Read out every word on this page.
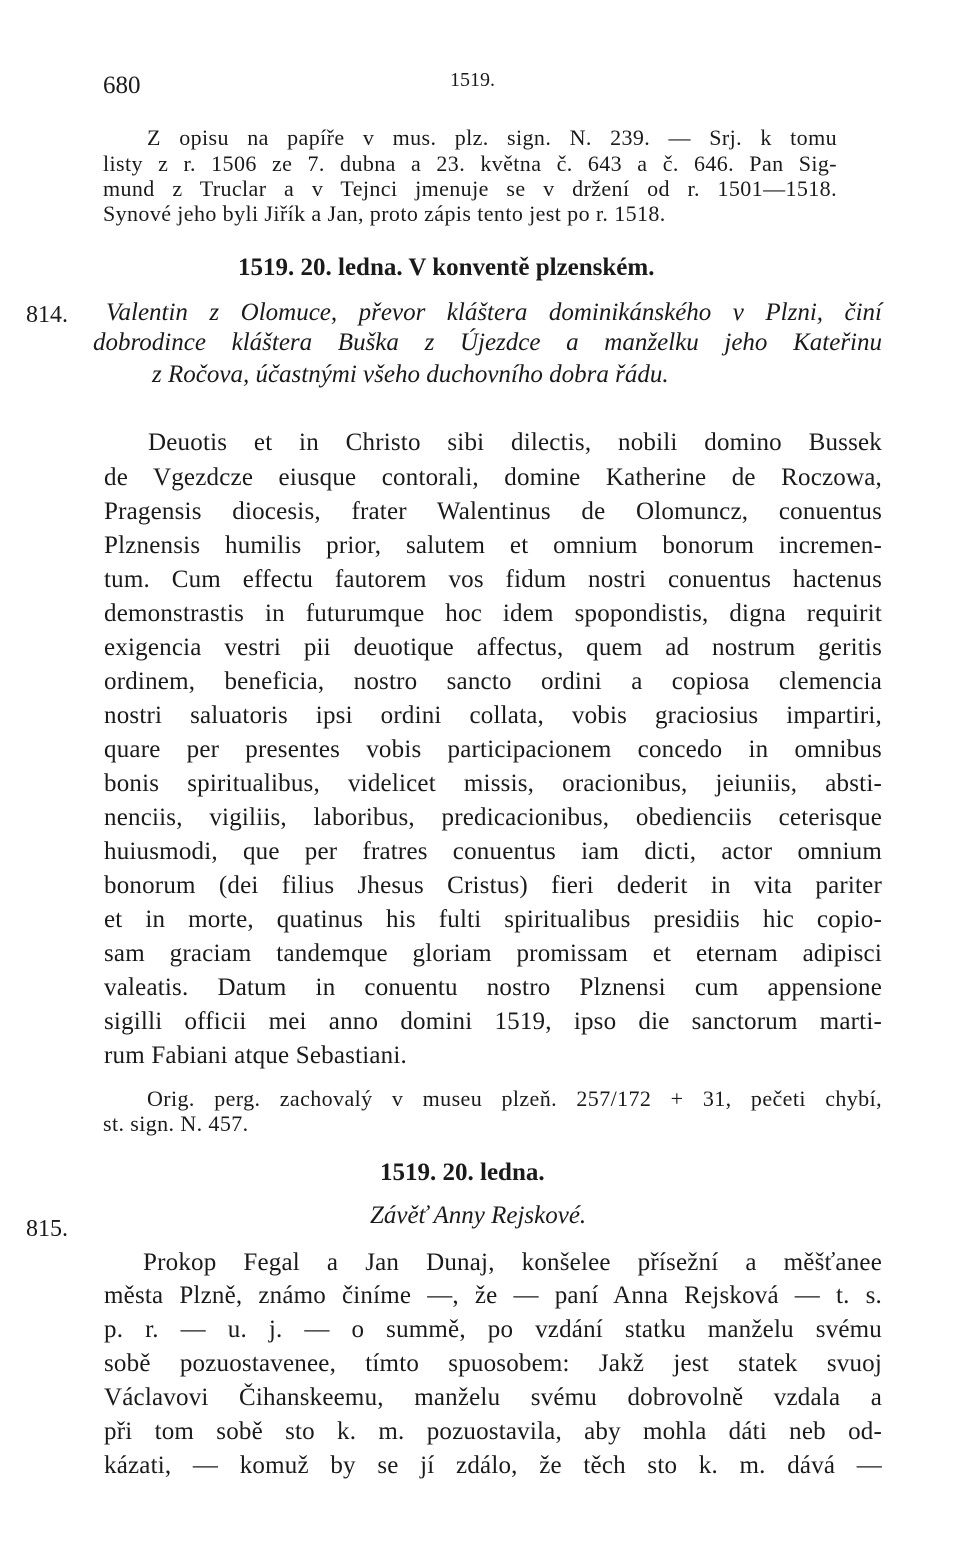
680	1519.
Z opisu na papíře v mus. plz. sign. N. 239. — Srj. k tomu
listy z r. 1506 ze 7. dubna a 23. května č. 643 a č. 646. Pan Sig-
mund z Truclar a v Tejnci jmenuje se v držení od r. 1501—1518.
Synové jeho byli Jiřík a Jan, proto zápis tento jest po r. 1518.
1519. 20. ledna. V konventě plzenském.
814. Valentin z Olomuce, převor kláštera dominikánského v Plzni, činí
dobrodince kláštera Buška z Újezdce a manželku jeho Kateřinu
z Ročova, účastnými všeho duchovního dobra řádu.
Deuotis et in Christo sibi dilectis, nobili domino Bussek
de Vgezdcze eiusque contorali, domine Katherine de Roczowa,
Pragensis diocesis, frater Walentinus de Olomuncz, conuentus
Plznensis humilis prior, salutem et omnium bonorum incremen-
tum. Cum effectu fautorem vos fidum nostri conuentus hactenus
demonstrastis in futurumque hoc idem spopondistis, digna requirit
exigencia vestri pii deuotique affectus, quem ad nostrum geritis
ordinem, beneficia, nostro sancto ordini a copiosa clemencia
nostri saluatoris ipsi ordini collata, vobis graciosius impartiri,
quare per presentes vobis participacionem concedo in omnibus
bonis spiritualibus, videlicet missis, oracionibus, jeiuniis, absti-
nenciis, vigiliis, laboribus, predicacionibus, obedienciis ceterisque
huiusmodi, que per fratres conuentus iam dicti, actor omnium
bonorum (dei filius Jhesus Cristus) fieri dederit in vita pariter
et in morte, quatinus his fulti spiritualibus presidiis hic copio-
sam graciam tandemque gloriam promissam et eternam adipisci
valeatis. Datum in conuentu nostro Plznensi cum appensione
sigilli officii mei anno domini 1519, ipso die sanctorum marti-
rum Fabiani atque Sebastiani.
Orig. perg. zachovalý v museu plzeň. 257/172 + 31, pečeti chybí,
st. sign. N. 457.
1519. 20. ledna.
815.	Závěť Anny Rejskové.
Prokop Fegal a Jan Dunaj, konšelee přísežní a měšťanee
města Plzně, známo činíme —, že — paní Anna Rejsková — t. s.
p. r. — u. j. — o summě, po vzdání statku manželu svému
sobě pozuostavenee, tímto spuosobem: Jakž jest statek svuoj
Václavovi Čihanskeemu, manželu svému dobrovolně vzdala a
při tom sobě sto k. m. pozuostavila, aby mohla dáti neb od-
kázati, — komuž by se jí zdálo, že těch sto k. m. dává —
